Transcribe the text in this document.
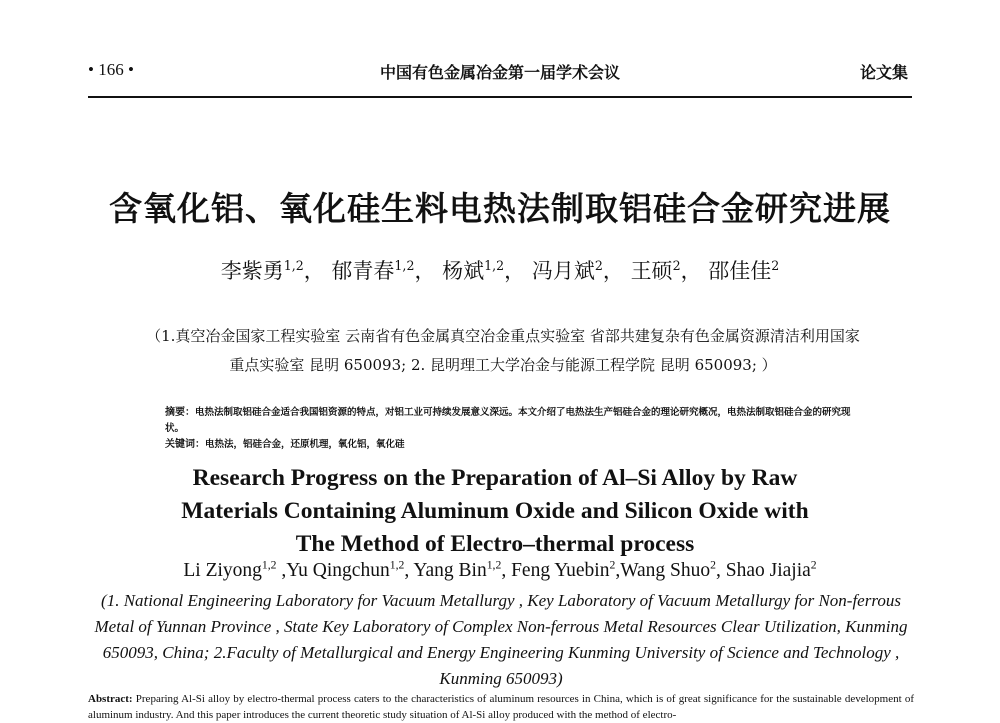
• 166 •	中国有色金属冶金第一届学术会议	论文集
含氧化铝、氧化硅生料电热法制取铝硅合金研究进展
李紫勇$^{1,2}$， 郁青春$^{1,2}$， 杨斌$^{1,2}$， 冯月斌$^2$， 王硕$^2$， 邵佳佳$^2$
（1.真空冶金国家工程实验室 云南省有色金属真空冶金重点实验室 省部共建复杂有色金属资源清洁利用国家
重点实验室 昆明 650093; 2. 昆明理工大学冶金与能源工程学院 昆明 650093; ）
摘要：电热法制取铝硅合金适合我国铝资源的特点，对铝工业可持续发展意义深远。本文介绍了电热法生产铝硅合金的理论研究概况，电热法制取铝硅合金的研究现状。
关键词：电热法，铝硅合金，还原机理，氧化铝，氧化硅
Research Progress on the Preparation of Al–Si Alloy by Raw
Materials Containing Aluminum Oxide and Silicon Oxide with
The Method of Electro–thermal process
Li Ziyong$^{1,2}$ ,Yu Qingchun$^{1,2}$, Yang Bin$^{1,2}$, Feng Yuebin$^2$,Wang Shuo$^2$, Shao Jiajia$^2$
(1. National Engineering Laboratory for Vacuum Metallurgy , Key Laboratory of Vacuum Metallurgy for Non-ferrous Metal of Yunnan Province , State Key Laboratory of Complex Non-ferrous Metal Resources Clear Utilization, Kunming 650093, China; 2.Faculty of Metallurgical and Energy Engineering Kunming University of Science and Technology , Kunming 650093)
Abstract: Preparing Al-Si alloy by electro-thermal process caters to the characteristics of aluminum resources in China, which is of great significance for the sustainable development of aluminum industry. And this paper introduces the current theoretic study situation of Al-Si alloy produced with the method of electro-
